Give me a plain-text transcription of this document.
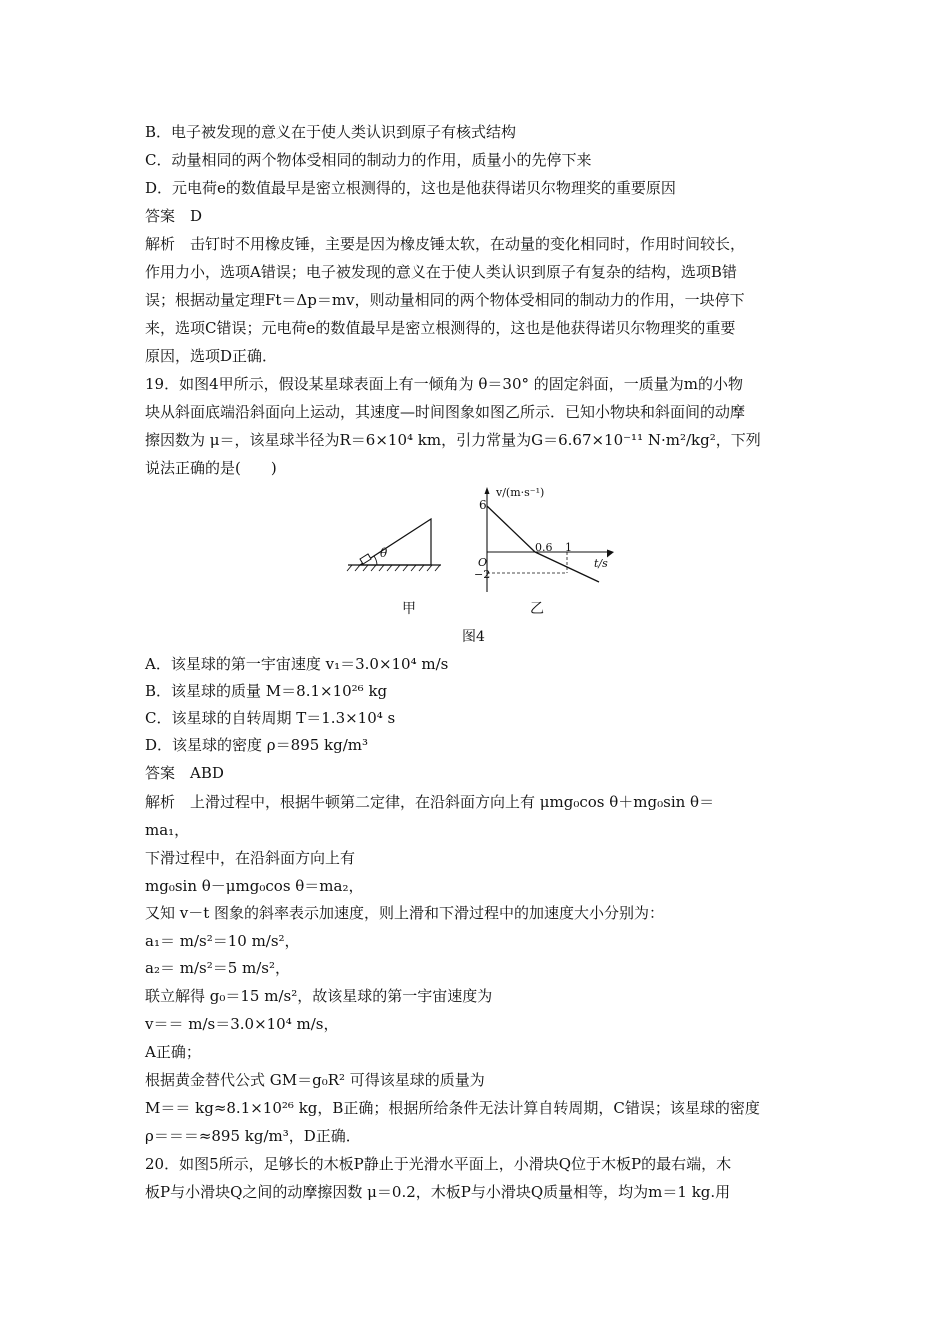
B．电子被发现的意义在于使人类认识到原子有核式结构
C．动量相同的两个物体受相同的制动力的作用，质量小的先停下来
D．元电荷e的数值最早是密立根测得的，这也是他获得诺贝尔物理奖的重要原因
答案　D
解析　击钉时不用橡皮锤，主要是因为橡皮锤太软，在动量的变化相同时，作用时间较长，
作用力小，选项A错误；电子被发现的意义在于使人类认识到原子有复杂的结构，选项B错
误；根据动量定理Ft＝Δp＝mv，则动量相同的两个物体受相同的制动力的作用，一块停下
来，选项C错误；元电荷e的数值最早是密立根测得的，这也是他获得诺贝尔物理奖的重要
原因，选项D正确．
19．如图4甲所示，假设某星球表面上有一倾角为 θ＝30° 的固定斜面，一质量为m的小物
块从斜面底端沿斜面向上运动，其速度—时间图象如图乙所示．已知小物块和斜面间的动摩
擦因数为 μ＝，该星球半径为R＝6×10⁴ km，引力常量为G＝6.67×10⁻¹¹ N·m²/kg²，下列
说法正确的是(　　)
θ
v/(m·s⁻¹)
6
O
−2
0.6 1
t/s
甲	乙
图4
A．该星球的第一宇宙速度 v₁＝3.0×10⁴ m/s
B．该星球的质量 M＝8.1×10²⁶ kg
C．该星球的自转周期 T＝1.3×10⁴ s
D．该星球的密度 ρ＝895 kg/m³
答案　ABD
解析　上滑过程中，根据牛顿第二定律，在沿斜面方向上有 μmg₀cos θ＋mg₀sin θ＝
ma₁，
下滑过程中，在沿斜面方向上有
mg₀sin θ－μmg₀cos θ＝ma₂，
又知 v－t 图象的斜率表示加速度，则上滑和下滑过程中的加速度大小分别为：
a₁＝ m/s²＝10 m/s²，
a₂＝ m/s²＝5 m/s²，
联立解得 g₀＝15 m/s²，故该星球的第一宇宙速度为
v＝＝ m/s＝3.0×10⁴ m/s，
A正确；
根据黄金替代公式 GM＝g₀R² 可得该星球的质量为
M＝＝ kg≈8.1×10²⁶ kg，B正确；根据所给条件无法计算自转周期，C错误；该星球的密度
ρ＝＝＝≈895 kg/m³，D正确．
20．如图5所示，足够长的木板P静止于光滑水平面上，小滑块Q位于木板P的最右端，木
板P与小滑块Q之间的动摩擦因数 μ＝0.2，木板P与小滑块Q质量相等，均为m＝1 kg.用
